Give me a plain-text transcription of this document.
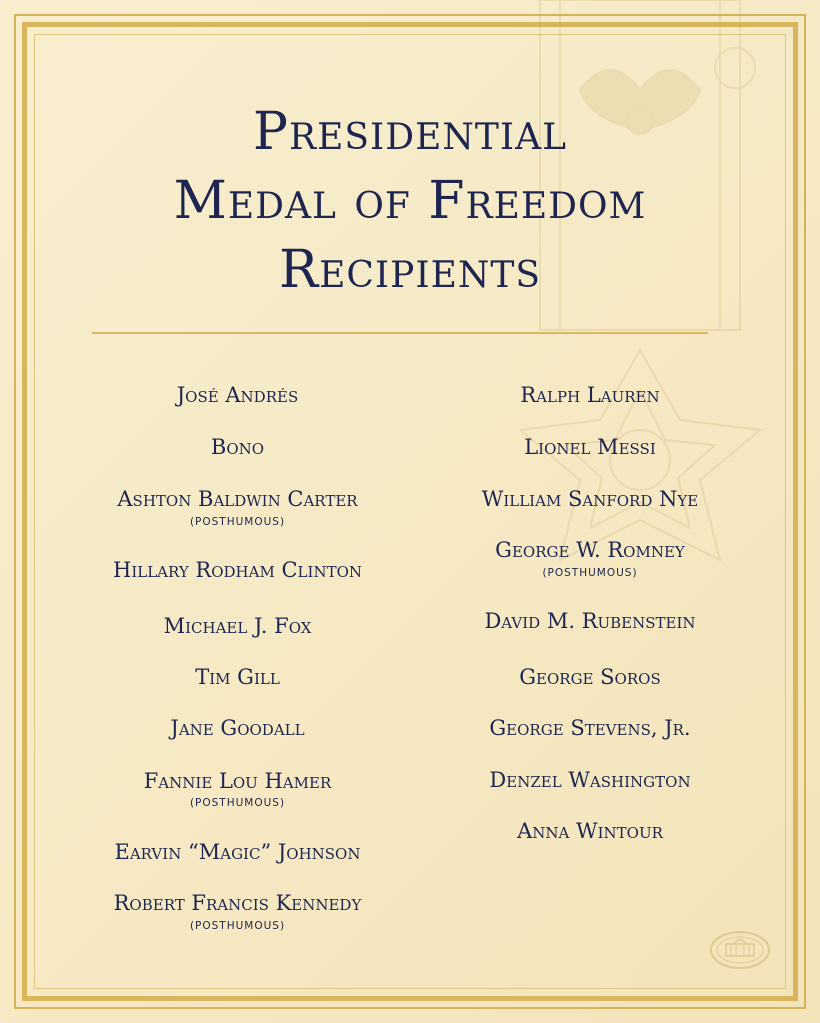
Presidential
Medal of Freedom
Recipients
José Andrés
Bono
Ashton Baldwin Carter
(POSTHUMOUS)
Hillary Rodham Clinton
Michael J. Fox
Tim Gill
Jane Goodall
Fannie Lou Hamer
(POSTHUMOUS)
Earvin “Magic” Johnson
Robert Francis Kennedy
(POSTHUMOUS)
Ralph Lauren
Lionel Messi
William Sanford Nye
George W. Romney
(POSTHUMOUS)
David M. Rubenstein
George Soros
George Stevens, Jr.
Denzel Washington
Anna Wintour
